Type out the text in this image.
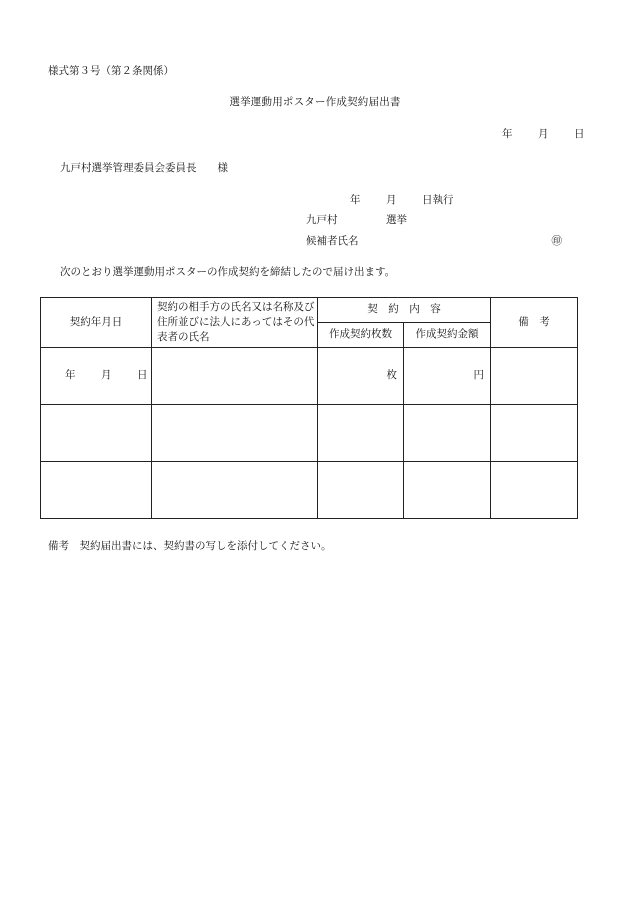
様式第３号（第２条関係）
選挙運動用ポスター作成契約届出書
年 月 日
九戸村選挙管理委員会委員長　　様
年 月 日執行
九戸村	選挙
候補者氏名	㊞
次のとおり選挙運動用ポスターの作成契約を締結したので届け出ます。
契約年月日	契約の相手方の氏名又は名称及び住所並びに法人にあってはその代表者の氏名	契　約　内　容		備　考
		作成契約枚数	作成契約金額	
年 月 日		枚	円	

備考　契約届出書には、契約書の写しを添付してください。
